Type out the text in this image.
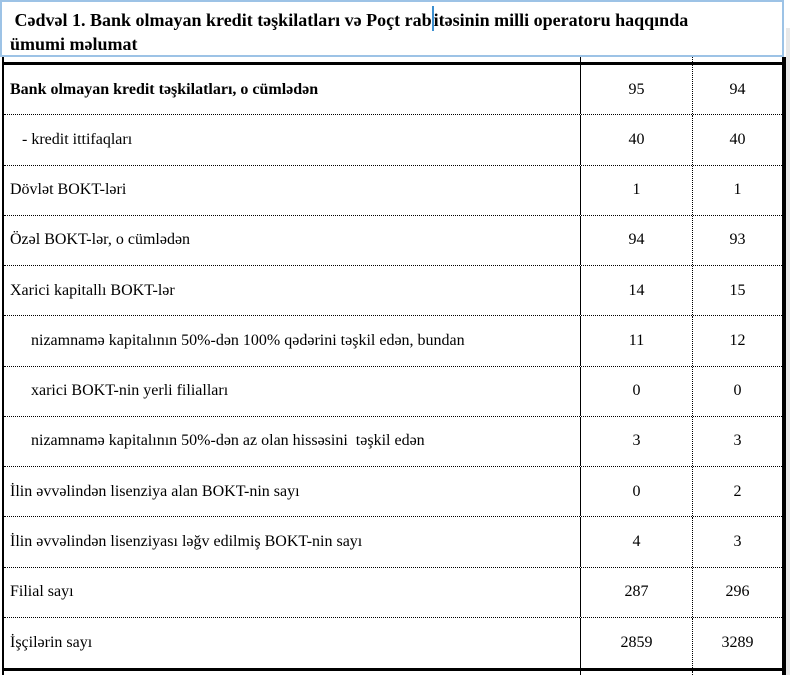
Cədvəl 1. Bank olmayan kredit təşkilatları və Poçt rab itəsinin milli operatoru haqqında
ümumi məlumat
Bank olmayan kredit təşkilatları, o cümlədən	95	94
- kredit ittifaqları	40	40
Dövlət BOKT-ləri	1	1
Özəl BOKT-lər, o cümlədən	94	93
Xarici kapitallı BOKT-lər	14	15
nizamnamə kapitalının 50%-dən 100% qədərini təşkil edən, bundan	11	12
xarici BOKT-nin yerli filialları	0	0
nizamnamə kapitalının 50%-dən az olan hissəsini  təşkil edən	3	3
İlin əvvəlindən lisenziya alan BOKT-nin sayı	0	2
İlin əvvəlindən lisenziyası ləğv edilmiş BOKT-nin sayı	4	3
Filial sayı	287	296
İşçilərin sayı	2859	3289
